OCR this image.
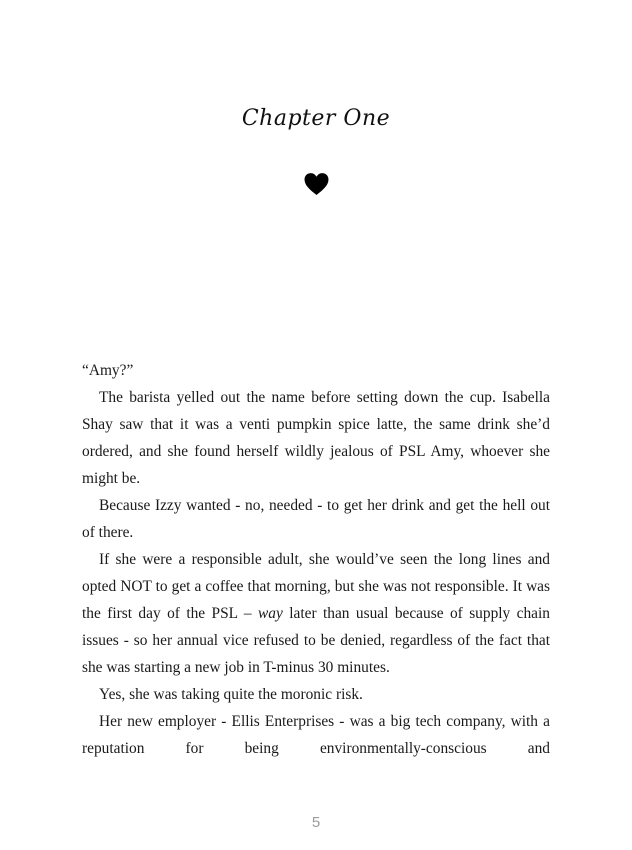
Chapter One

“Amy?”

The barista yelled out the name before setting down the cup. Isabella Shay saw that it was a venti pumpkin spice latte, the same drink she’d ordered, and she found herself wildly jealous of PSL Amy, whoever she might be.

Because Izzy wanted - no, needed - to get her drink and get the hell out of there.

If she were a responsible adult, she would’ve seen the long lines and opted NOT to get a coffee that morning, but she was not responsible. It was the first day of the PSL – way later than usual because of supply chain issues - so her annual vice refused to be denied, regardless of the fact that she was starting a new job in T-minus 30 minutes.

Yes, she was taking quite the moronic risk.

Her new employer - Ellis Enterprises - was a big tech company, with a reputation for being environmentally-conscious and

5
